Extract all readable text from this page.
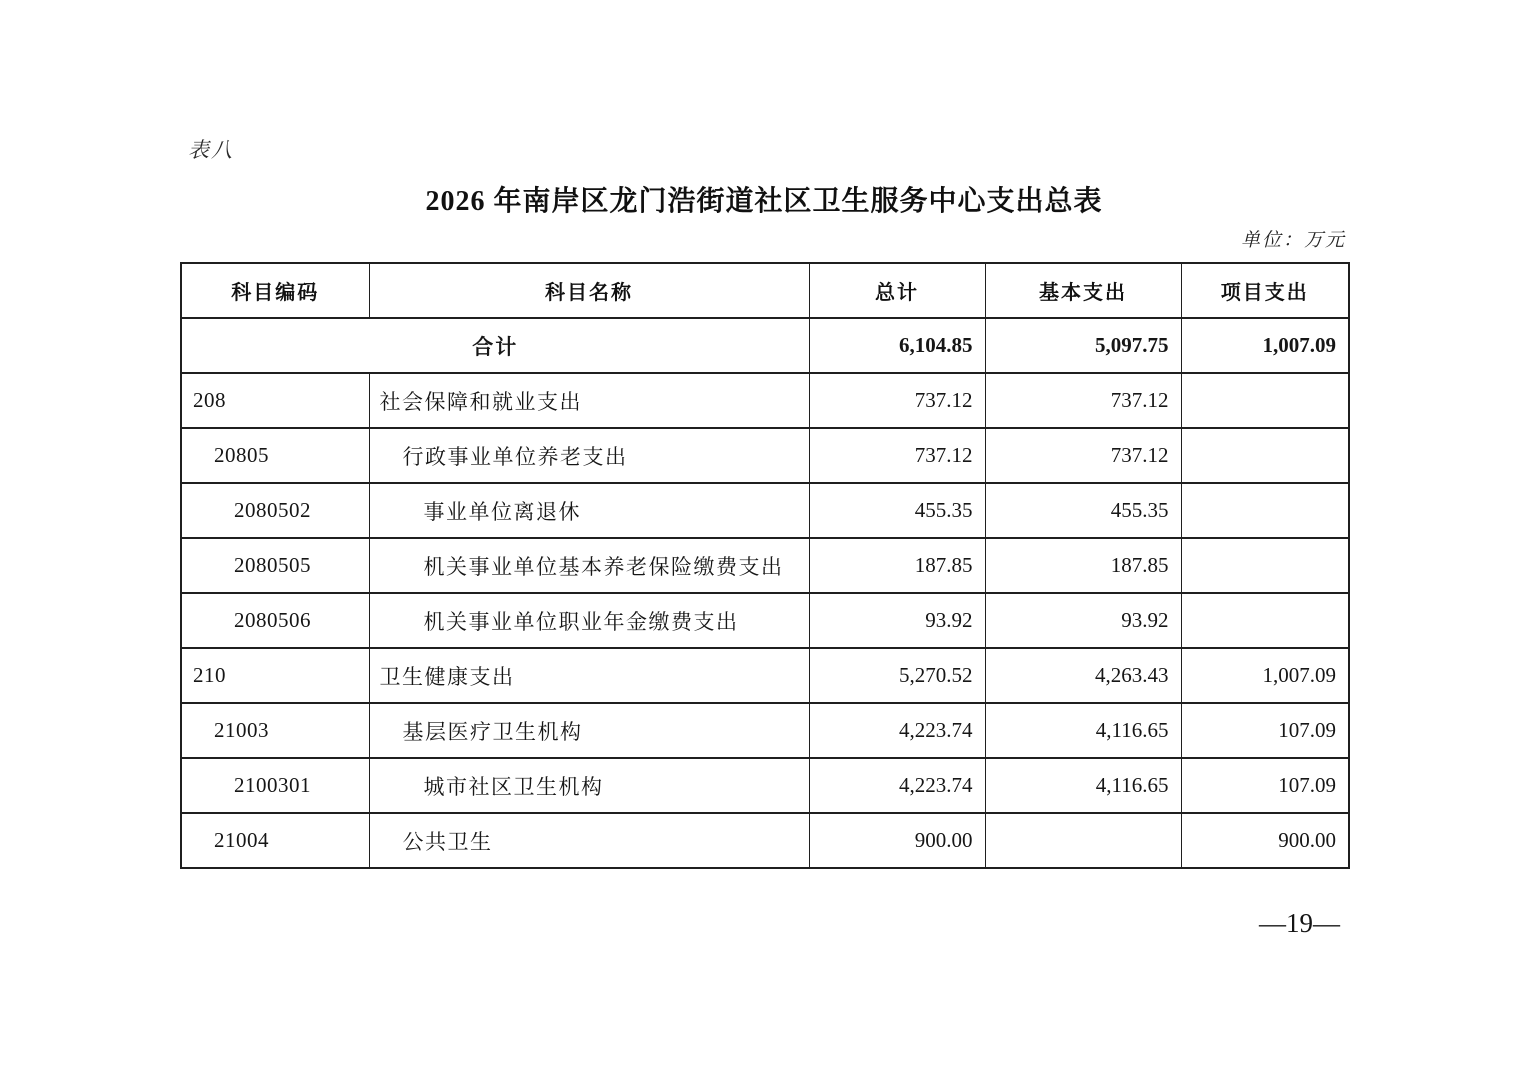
表八
2026 年南岸区龙门浩街道社区卫生服务中心支出总表
单位：万元
科目编码	科目名称	总计	基本支出	项目支出
合计		6,104.85	5,097.75	1,007.09
208	社会保障和就业支出	737.12	737.12	
20805	行政事业单位养老支出	737.12	737.12	
2080502	事业单位离退休	455.35	455.35	
2080505	机关事业单位基本养老保险缴费支出	187.85	187.85	
2080506	机关事业单位职业年金缴费支出	93.92	93.92	
210	卫生健康支出	5,270.52	4,263.43	1,007.09
21003	基层医疗卫生机构	4,223.74	4,116.65	107.09
2100301	城市社区卫生机构	4,223.74	4,116.65	107.09
21004	公共卫生	900.00		900.00
—19—
